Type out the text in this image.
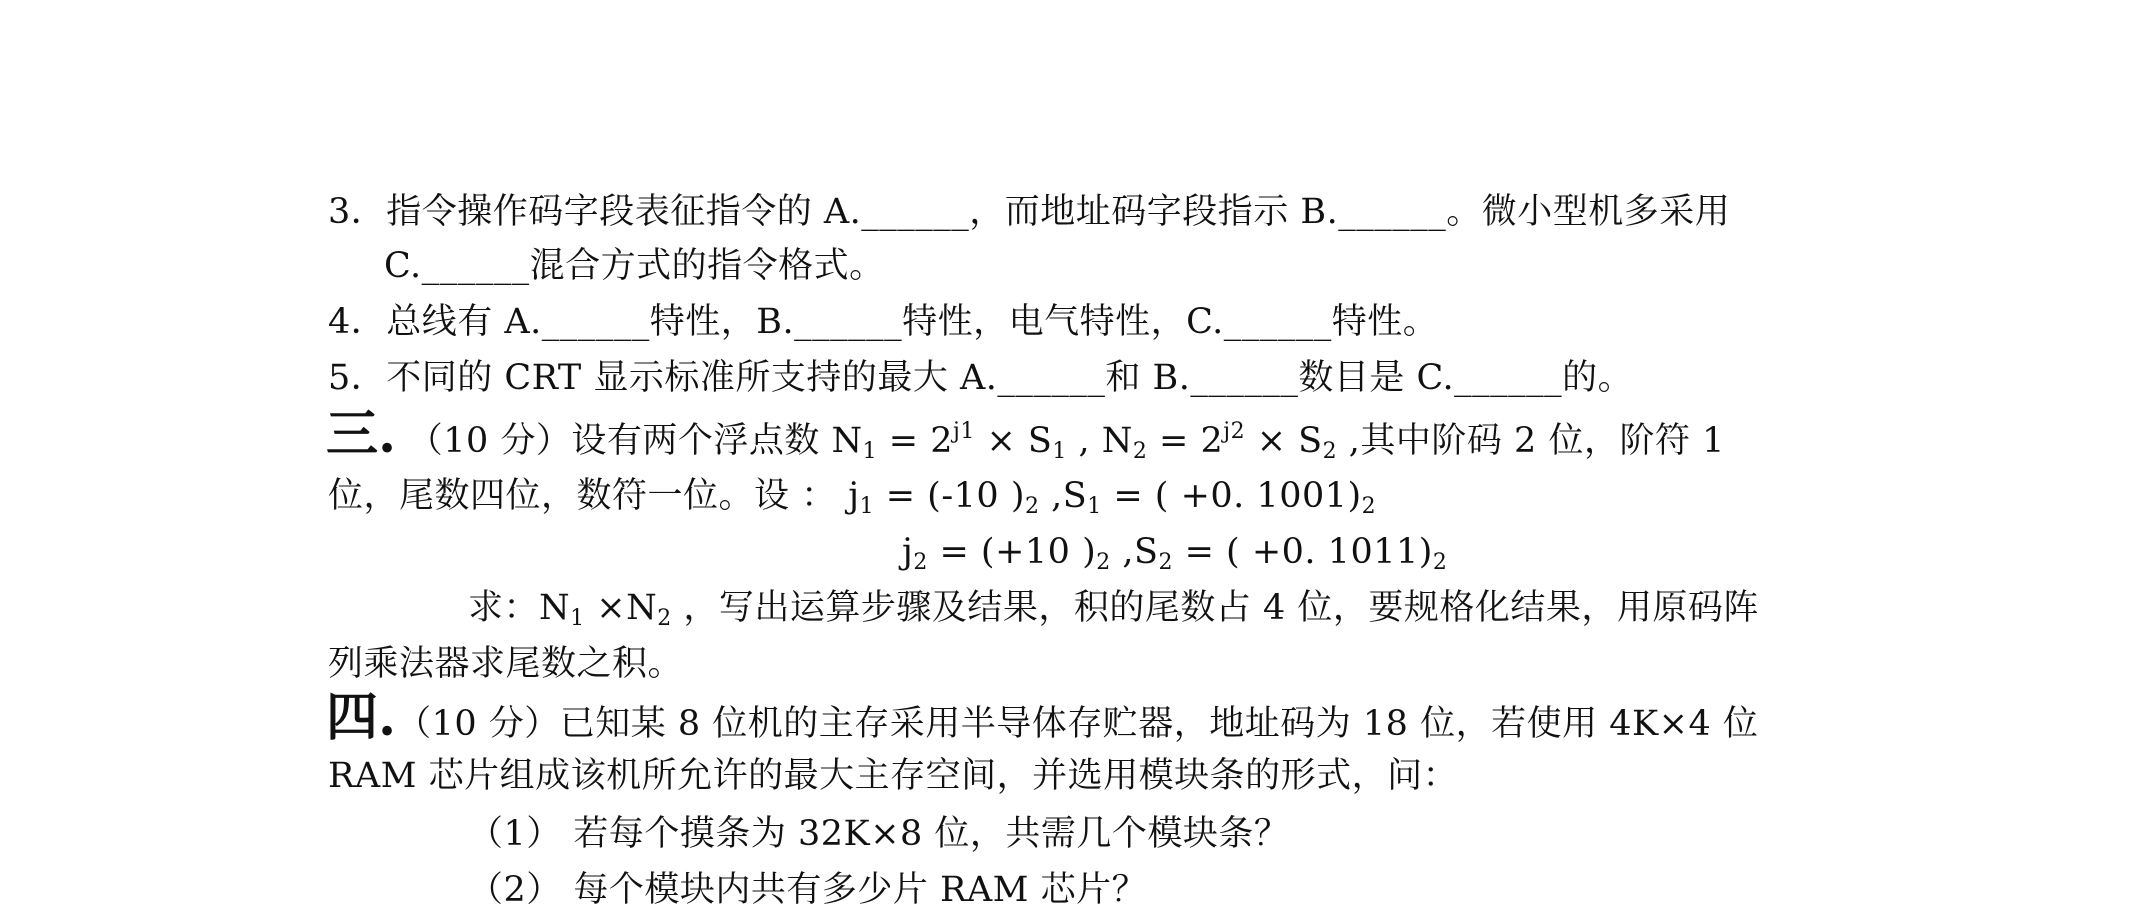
3．指令操作码字段表征指令的 A.______，而地址码字段指示 B.______。微小型机多采用
C.______混合方式的指令格式。
4．总线有 A.______特性，B.______特性，电气特性，C.______特性。
5．不同的 CRT 显示标准所支持的最大 A.______和 B.______数目是 C.______的。
三. （10 分）设有两个浮点数 $N_1 = 2^{j1} \times S_1$ , $N_2 = 2^{j2} \times S_2$ ,其中阶码 2 位，阶符 1
位，尾数四位，数符一位。设 ： $j_1 = (-10$ )$_2$ $,S_1$ = ( +0. $1001)_2$
$j_2 = (+10$ )$_2$ $,S_2$ = ( +0. $1011)_2$
求：$N_1 \times N_2$ ，写出运算步骤及结果，积的尾数占 4 位，要规格化结果，用原码阵
列乘法器求尾数之积。
四.（10 分）已知某 8 位机的主存采用半导体存贮器，地址码为 18 位，若使用 4K×4 位
RAM 芯片组成该机所允许的最大主存空间，并选用模块条的形式，问：
（1） 若每个摸条为 32K×8 位，共需几个模块条？
（2） 每个模块内共有多少片 RAM 芯片？
